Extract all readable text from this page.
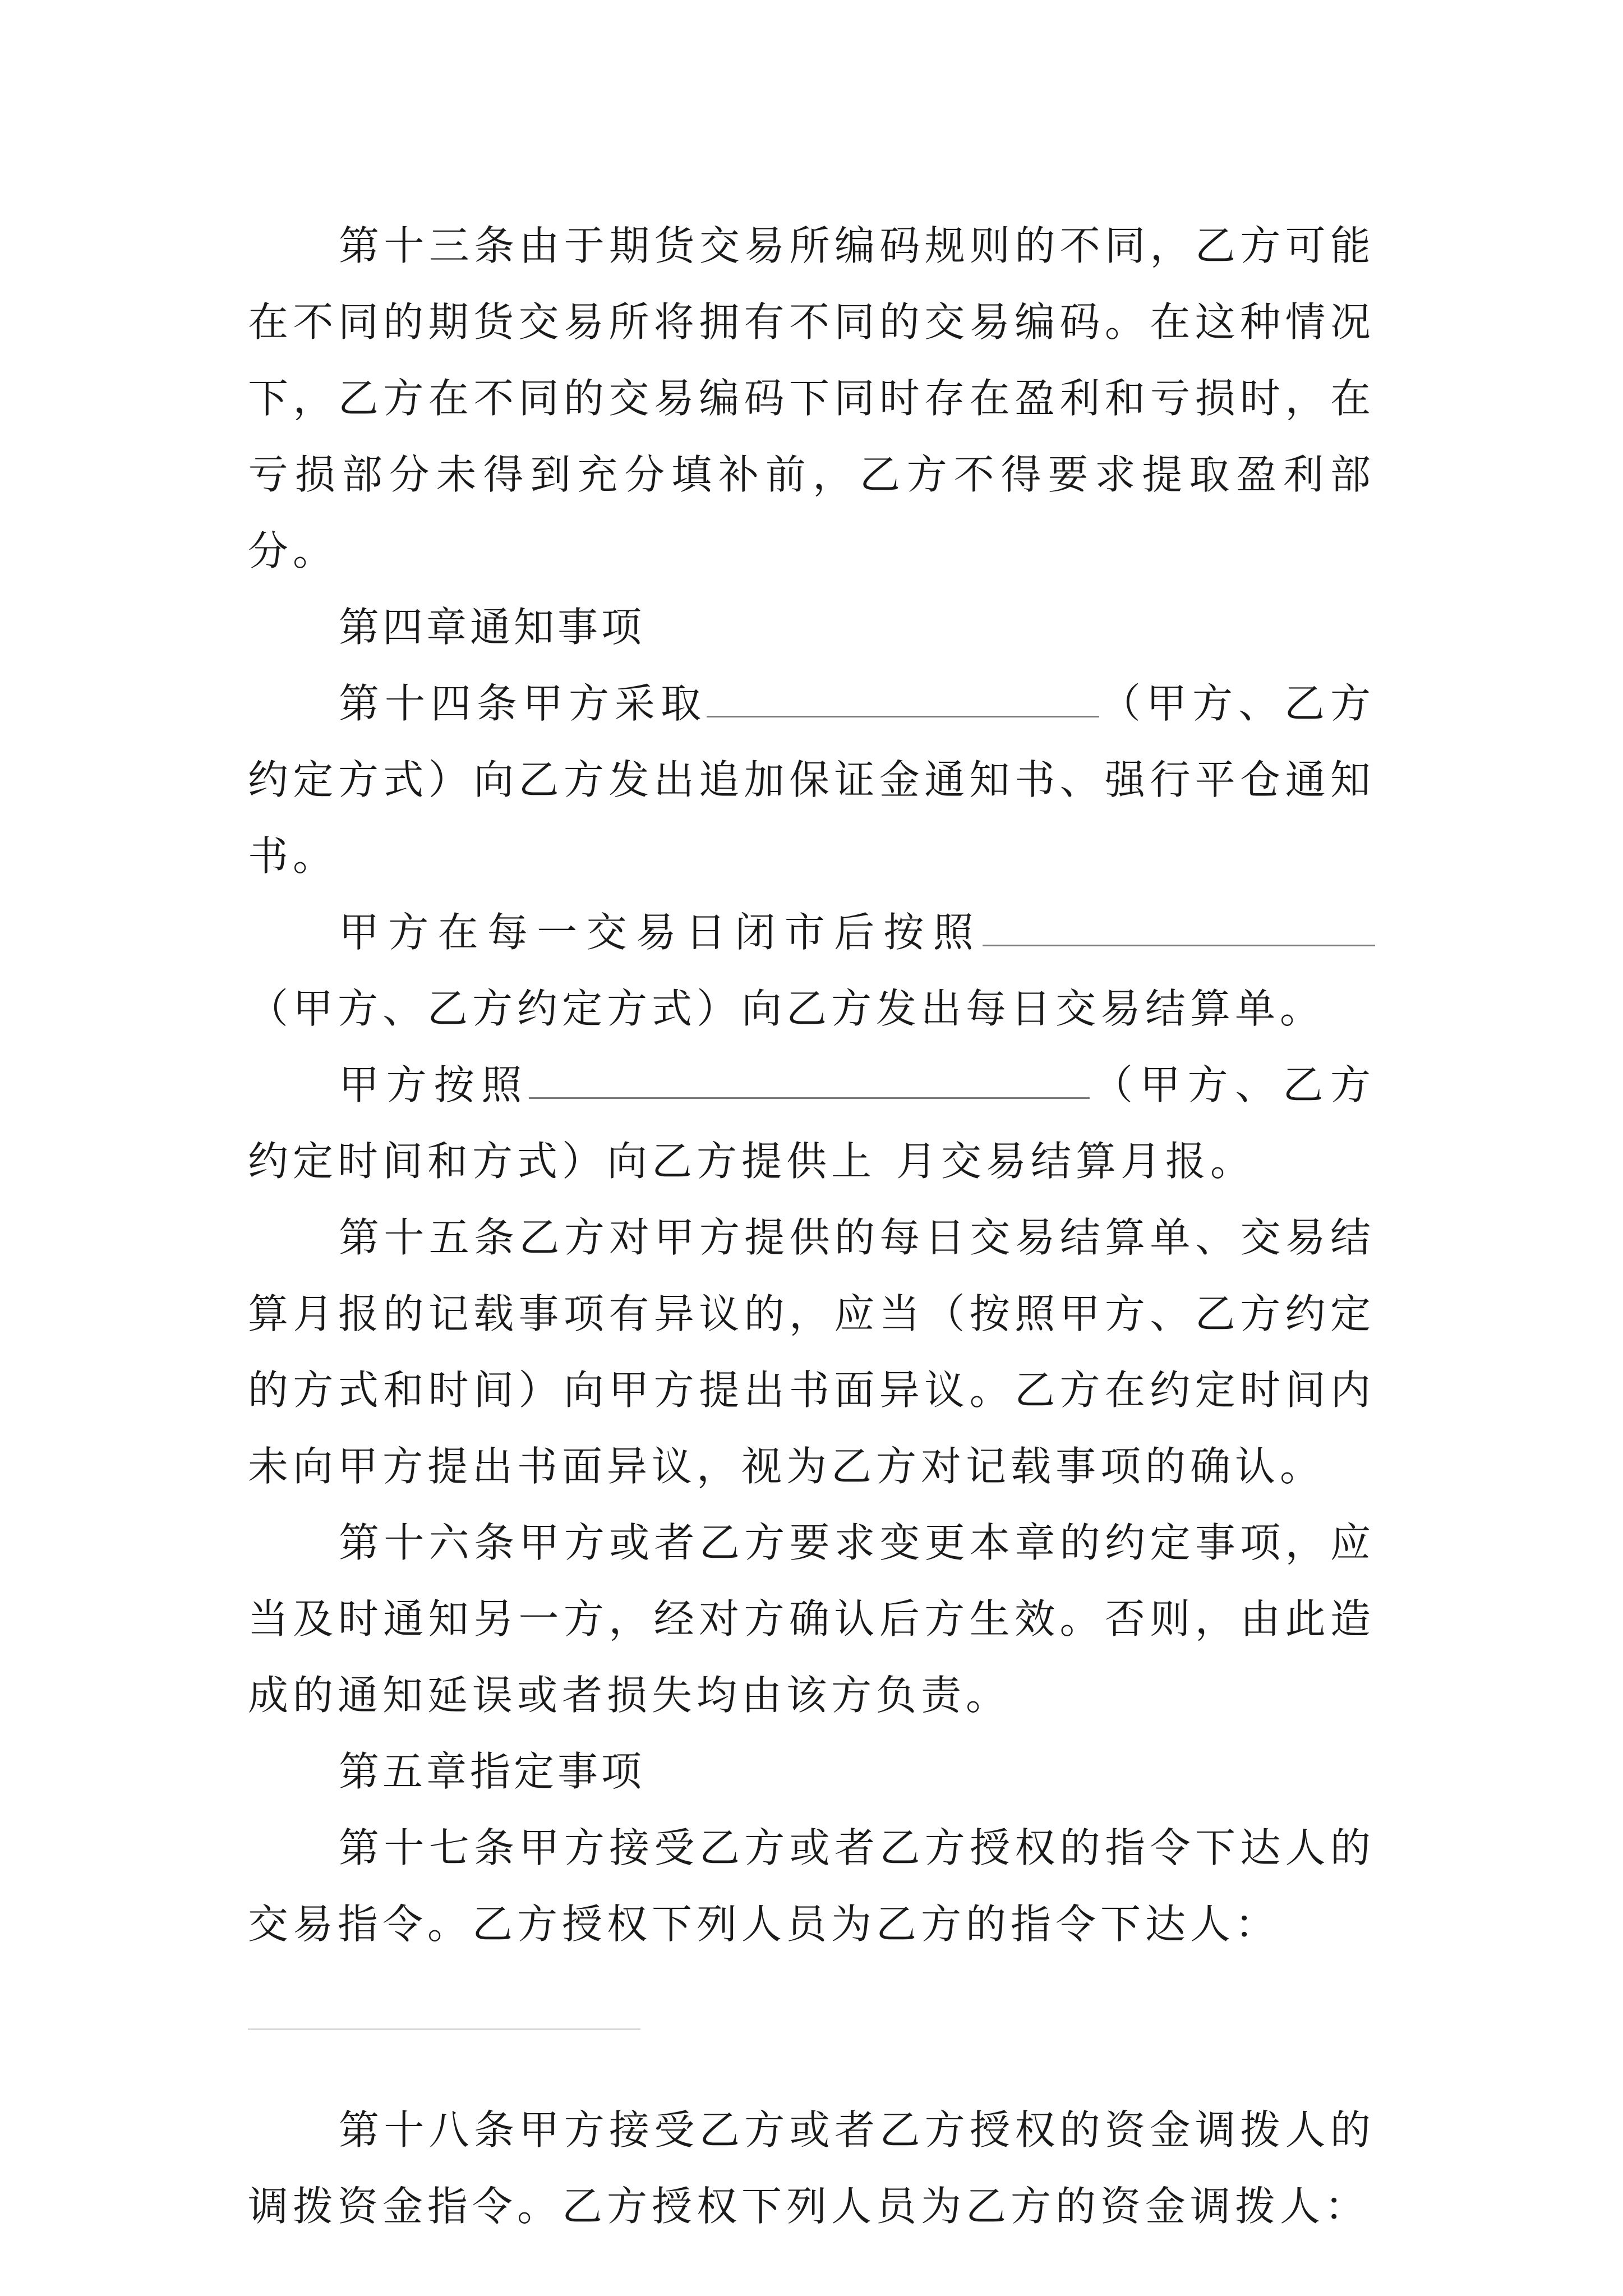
第十三条由于期货交易所编码规则的不同，乙方可能在不同的期货交易所将拥有不同的交易编码。在这种情况下，乙方在不同的交易编码下同时存在盈利和亏损时，在亏损部分未得到充分填补前，乙方不得要求提取盈利部分。

第四章通知事项

第十四条甲方采取	（甲方、乙方约定方式）向乙方发出追加保证金通知书、强行平仓通知书。

甲方在每一交易日闭市后按照（甲方、乙方约定方式）向乙方发出每日交易结算单。

甲方按照	（甲方、乙方约定时间和方式）向乙方提供上 月交易结算月报。

第十五条乙方对甲方提供的每日交易结算单、交易结算月报的记载事项有异议的，应当（按照甲方、乙方约定的方式和时间）向甲方提出书面异议。乙方在约定时间内未向甲方提出书面异议，视为乙方对记载事项的确认。

第十六条甲方或者乙方要求变更本章的约定事项，应当及时通知另一方，经对方确认后方生效。否则，由此造成的通知延误或者损失均由该方负责。

第五章指定事项

第十七条甲方接受乙方或者乙方授权的指令下达人的交易指令。乙方授权下列人员为乙方的指令下达人：

第十八条甲方接受乙方或者乙方授权的资金调拨人的调拨资金指令。乙方授权下列人员为乙方的资金调拨人：
